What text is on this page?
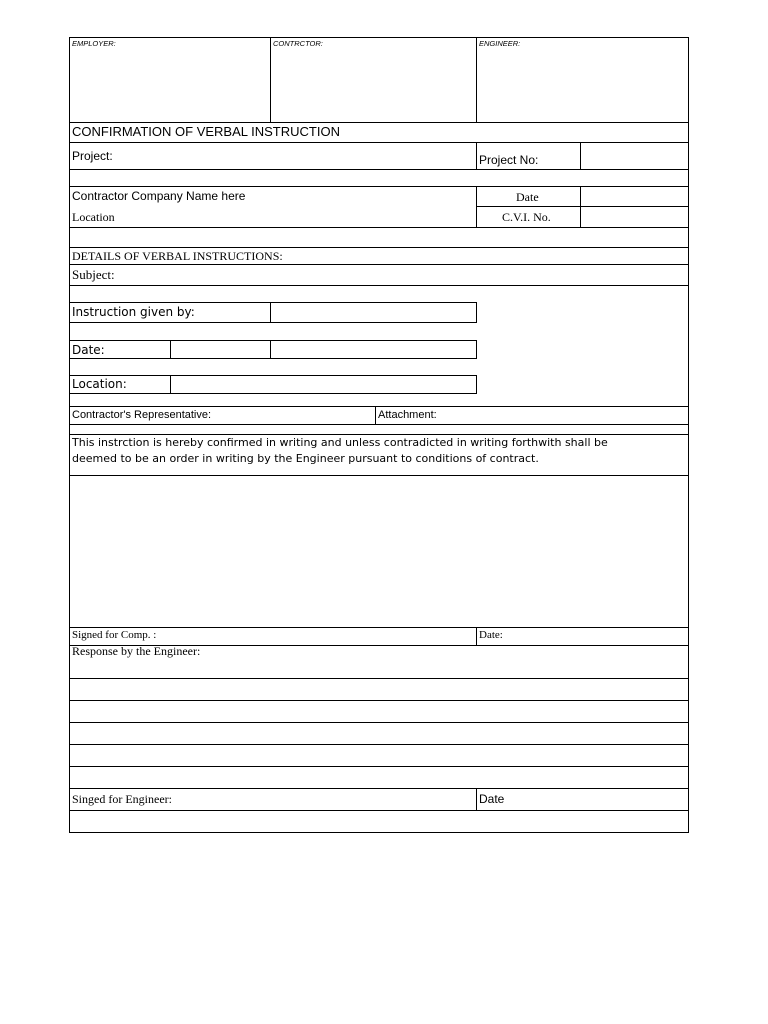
EMPLOYER:	CONTRCTOR:	ENGINEER:
CONFIRMATION OF VERBAL INSTRUCTION
Project:	Project No:
Contractor Company Name here
Location
Date
C.V.I. No.
DETAILS OF VERBAL INSTRUCTIONS:
Subject:
Instruction given by:
Date:
Location:
Contractor's Representative:	Attachment:
This instrction is hereby confirmed in writing and unless contradicted in writing forthwith shall be
deemed to be an order in writing by the Engineer pursuant to conditions of contract.
Signed for Comp. :	Date:
Response by the Engineer:
Singed for Engineer:	Date
